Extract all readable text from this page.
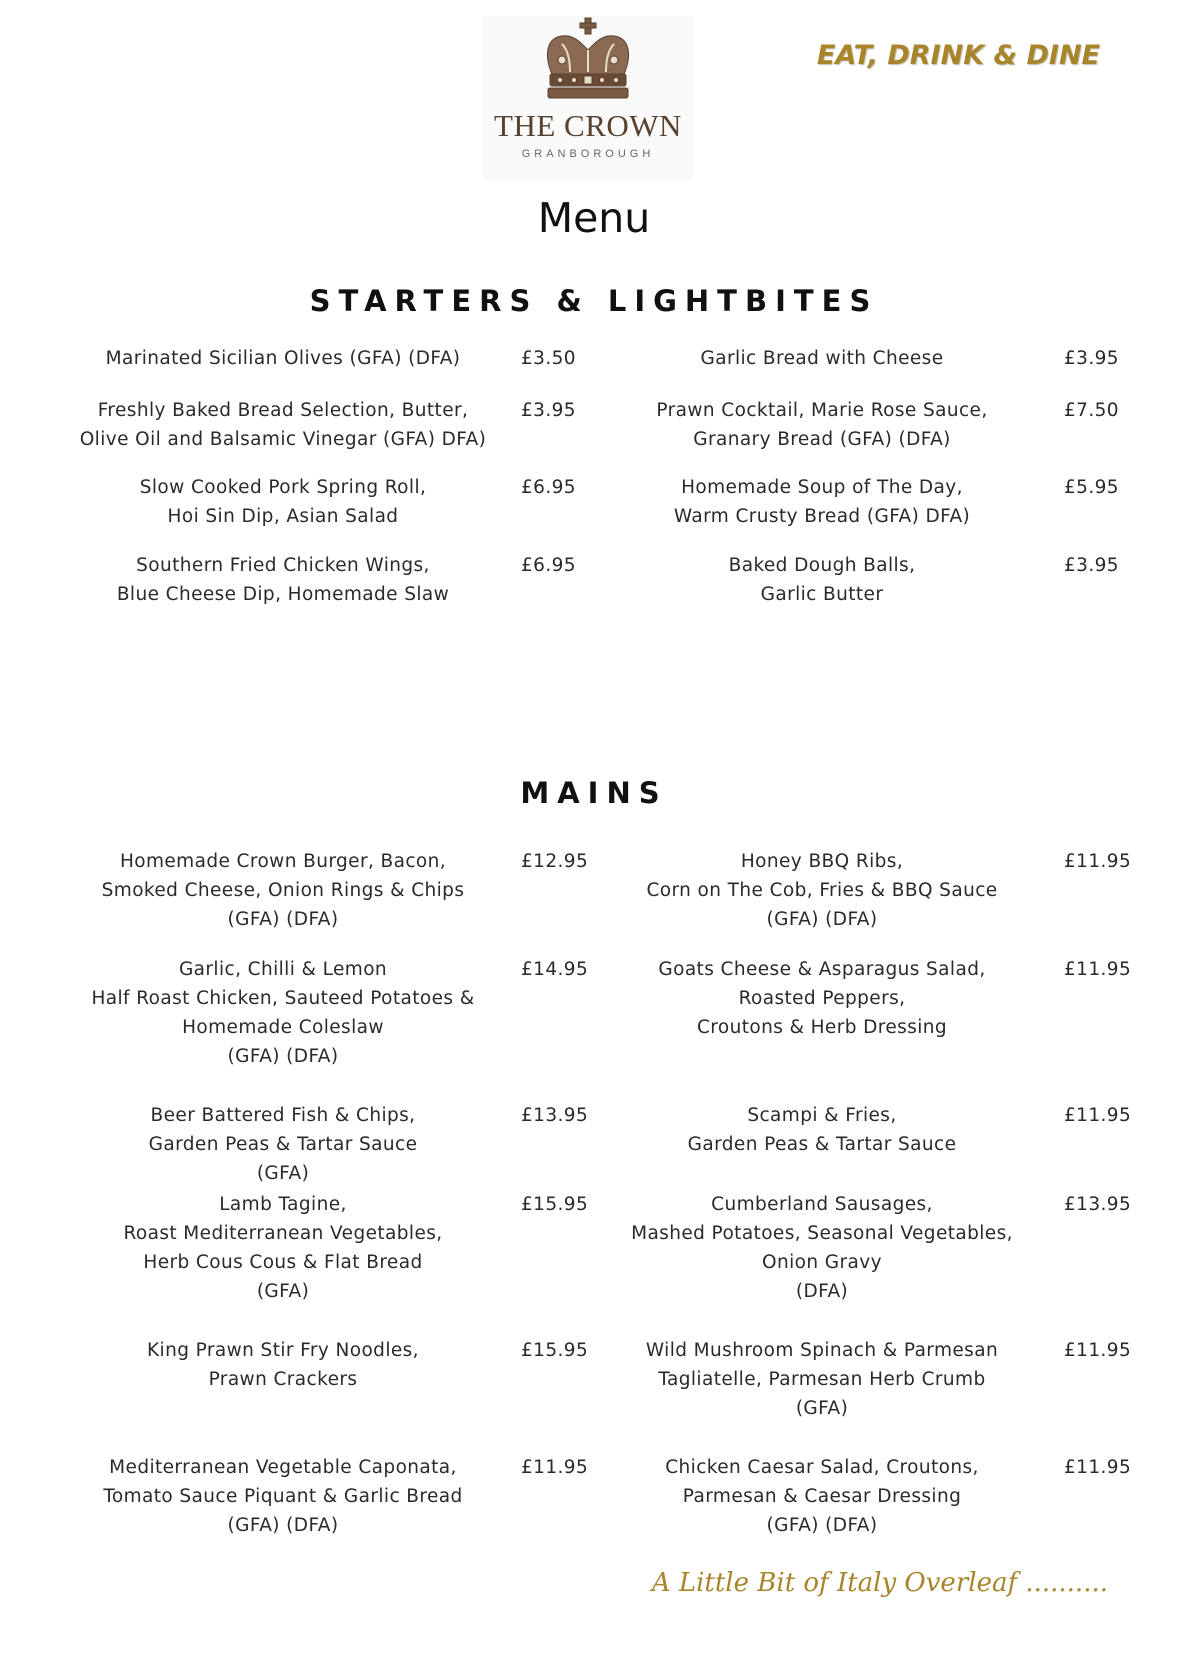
THE CROWN
GRANBOROUGH
EAT, DRINK & DINE
Menu
STARTERS & LIGHTBITES
MAINS
Marinated Sicilian Olives (GFA) (DFA)	£3.50
Freshly Baked Bread Selection, Butter,
Olive Oil and Balsamic Vinegar (GFA) DFA)
£3.95
Slow Cooked Pork Spring Roll,
Hoi Sin Dip, Asian Salad
£6.95
Southern Fried Chicken Wings,
Blue Cheese Dip, Homemade Slaw
£6.95
Garlic Bread with Cheese	£3.95
Prawn Cocktail, Marie Rose Sauce,
Granary Bread (GFA) (DFA)
£7.50
Homemade Soup of The Day,
Warm Crusty Bread (GFA) DFA)
£5.95
Baked Dough Balls,
Garlic Butter
£3.95
Homemade Crown Burger, Bacon,
Smoked Cheese, Onion Rings & Chips
(GFA) (DFA)
£12.95
Garlic, Chilli & Lemon
Half Roast Chicken, Sauteed Potatoes &
Homemade Coleslaw
(GFA) (DFA)
£14.95
Beer Battered Fish & Chips,
Garden Peas & Tartar Sauce
(GFA)
£13.95
Lamb Tagine,
Roast Mediterranean Vegetables,
Herb Cous Cous & Flat Bread
(GFA)
£15.95
King Prawn Stir Fry Noodles,
Prawn Crackers
£15.95
Mediterranean Vegetable Caponata,
Tomato Sauce Piquant & Garlic Bread
(GFA) (DFA)
£11.95
Honey BBQ Ribs,
Corn on The Cob, Fries & BBQ Sauce
(GFA) (DFA)
£11.95
Goats Cheese & Asparagus Salad,
Roasted Peppers,
Croutons & Herb Dressing
£11.95
Scampi & Fries,
Garden Peas & Tartar Sauce
£11.95
Cumberland Sausages,
Mashed Potatoes, Seasonal Vegetables,
Onion Gravy
(DFA)
£13.95
Wild Mushroom Spinach & Parmesan
Tagliatelle, Parmesan Herb Crumb
(GFA)
£11.95
Chicken Caesar Salad, Croutons,
Parmesan & Caesar Dressing
(GFA) (DFA)
£11.95
A Little Bit of Italy Overleaf ..........
